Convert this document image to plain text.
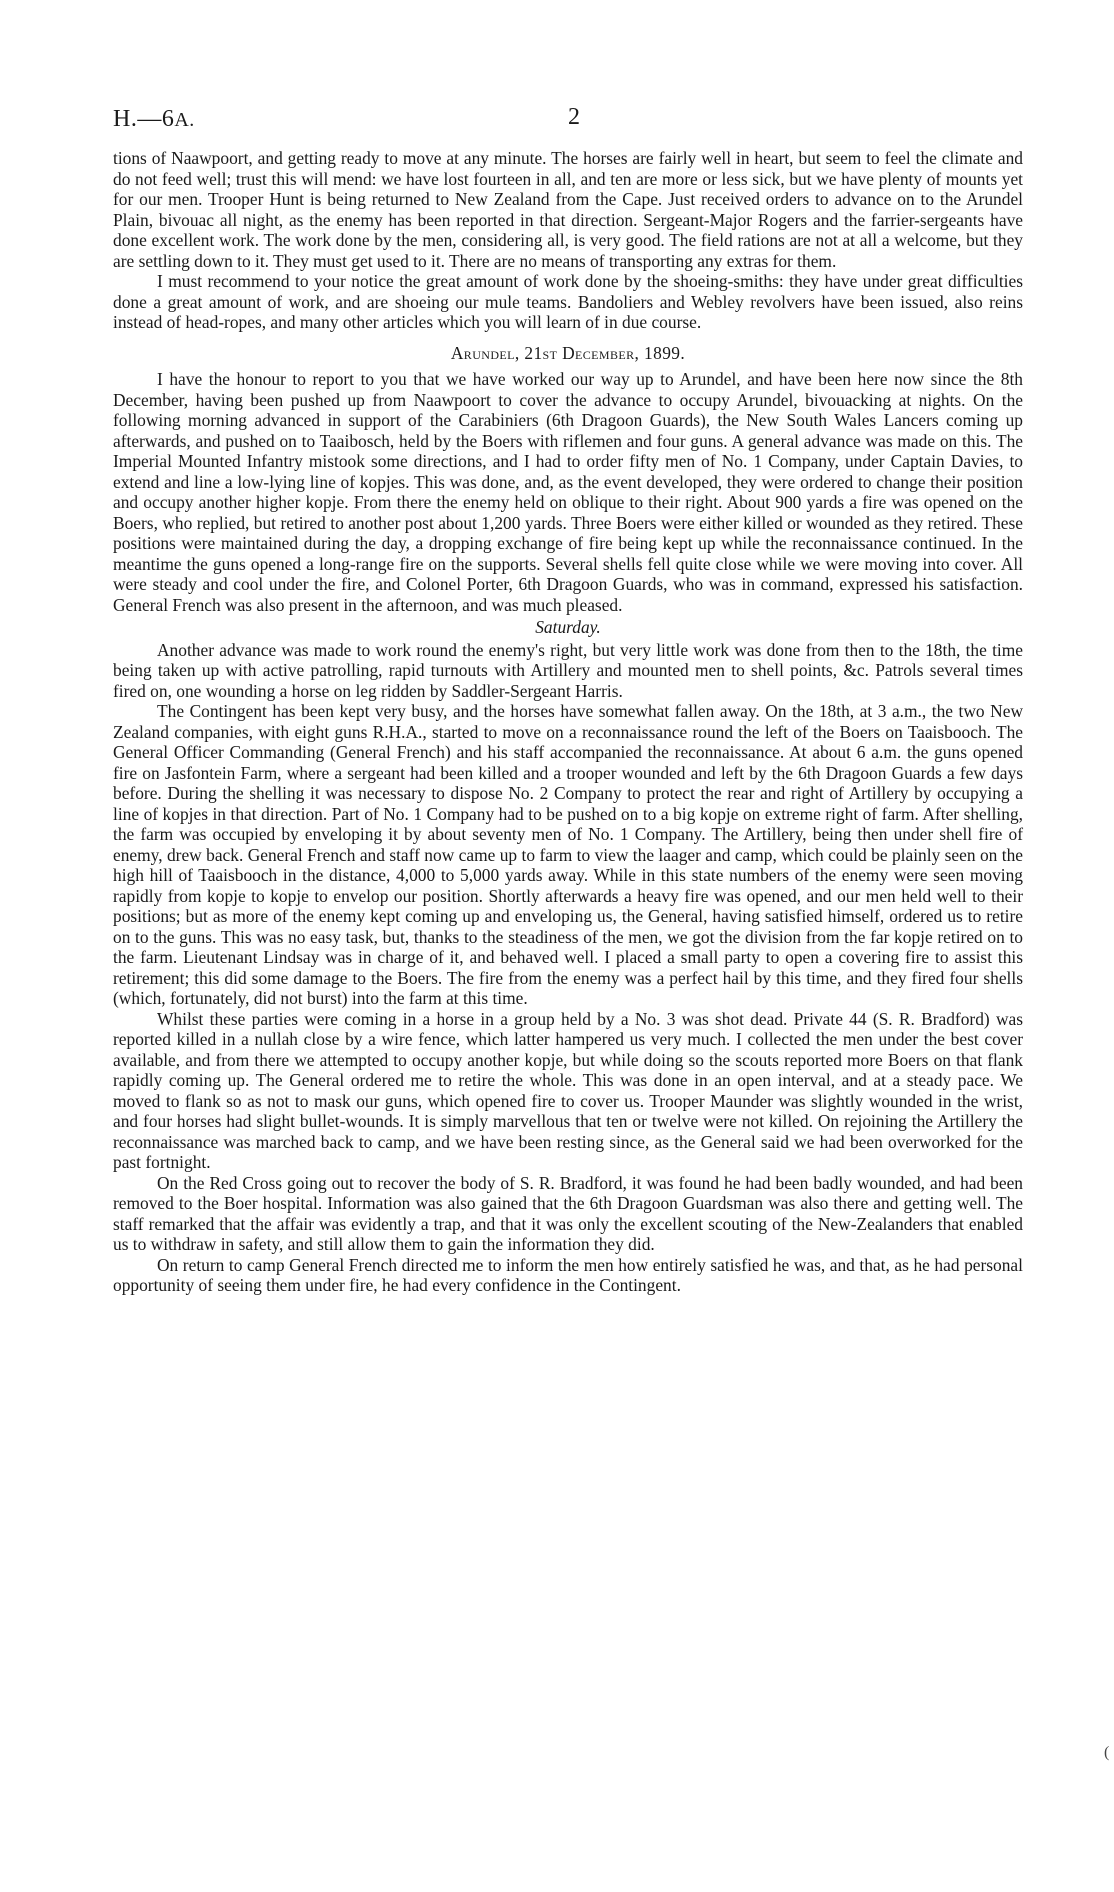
H.—6A.	2

tions of Naawpoort, and getting ready to move at any minute. The horses are fairly well in heart, but seem to feel the climate and do not feed well; trust this will mend: we have lost fourteen in all, and ten are more or less sick, but we have plenty of mounts yet for our men. Trooper Hunt is being returned to New Zealand from the Cape. Just received orders to advance on to the Arundel Plain, bivouac all night, as the enemy has been reported in that direction. Sergeant-Major Rogers and the farrier-sergeants have done excellent work. The work done by the men, considering all, is very good. The field rations are not at all a welcome, but they are settling down to it. They must get used to it. There are no means of transporting any extras for them.

I must recommend to your notice the great amount of work done by the shoeing-smiths: they have under great difficulties done a great amount of work, and are shoeing our mule teams. Bandoliers and Webley revolvers have been issued, also reins instead of head-ropes, and many other articles which you will learn of in due course.

Arundel, 21st December, 1899.

I have the honour to report to you that we have worked our way up to Arundel, and have been here now since the 8th December, having been pushed up from Naawpoort to cover the advance to occupy Arundel, bivouacking at nights. On the following morning advanced in support of the Carabiniers (6th Dragoon Guards), the New South Wales Lancers coming up afterwards, and pushed on to Taaibosch, held by the Boers with riflemen and four guns. A general advance was made on this. The Imperial Mounted Infantry mistook some directions, and I had to order fifty men of No. 1 Company, under Captain Davies, to extend and line a low-lying line of kopjes. This was done, and, as the event developed, they were ordered to change their position and occupy another higher kopje. From there the enemy held on oblique to their right. About 900 yards a fire was opened on the Boers, who replied, but retired to another post about 1,200 yards. Three Boers were either killed or wounded as they retired. These positions were maintained during the day, a dropping exchange of fire being kept up while the reconnaissance continued. In the meantime the guns opened a long-range fire on the supports. Several shells fell quite close while we were moving into cover. All were steady and cool under the fire, and Colonel Porter, 6th Dragoon Guards, who was in command, expressed his satisfaction. General French was also present in the afternoon, and was much pleased.

Saturday.

Another advance was made to work round the enemy's right, but very little work was done from then to the 18th, the time being taken up with active patrolling, rapid turnouts with Artillery and mounted men to shell points, &c. Patrols several times fired on, one wounding a horse on leg ridden by Saddler-Sergeant Harris.

The Contingent has been kept very busy, and the horses have somewhat fallen away. On the 18th, at 3 a.m., the two New Zealand companies, with eight guns R.H.A., started to move on a reconnaissance round the left of the Boers on Taaisbooch. The General Officer Commanding (General French) and his staff accompanied the reconnaissance. At about 6 a.m. the guns opened fire on Jasfontein Farm, where a sergeant had been killed and a trooper wounded and left by the 6th Dragoon Guards a few days before. During the shelling it was necessary to dispose No. 2 Company to protect the rear and right of Artillery by occupying a line of kopjes in that direction. Part of No. 1 Company had to be pushed on to a big kopje on extreme right of farm. After shelling, the farm was occupied by enveloping it by about seventy men of No. 1 Company. The Artillery, being then under shell fire of enemy, drew back. General French and staff now came up to farm to view the laager and camp, which could be plainly seen on the high hill of Taaisbooch in the distance, 4,000 to 5,000 yards away. While in this state numbers of the enemy were seen moving rapidly from kopje to kopje to envelop our position. Shortly afterwards a heavy fire was opened, and our men held well to their positions; but as more of the enemy kept coming up and enveloping us, the General, having satisfied himself, ordered us to retire on to the guns. This was no easy task, but, thanks to the steadiness of the men, we got the division from the far kopje retired on to the farm. Lieutenant Lindsay was in charge of it, and behaved well. I placed a small party to open a covering fire to assist this retirement; this did some damage to the Boers. The fire from the enemy was a perfect hail by this time, and they fired four shells (which, fortunately, did not burst) into the farm at this time.

Whilst these parties were coming in a horse in a group held by a No. 3 was shot dead. Private 44 (S. R. Bradford) was reported killed in a nullah close by a wire fence, which latter hampered us very much. I collected the men under the best cover available, and from there we attempted to occupy another kopje, but while doing so the scouts reported more Boers on that flank rapidly coming up. The General ordered me to retire the whole. This was done in an open interval, and at a steady pace. We moved to flank so as not to mask our guns, which opened fire to cover us. Trooper Maunder was slightly wounded in the wrist, and four horses had slight bullet-wounds. It is simply marvellous that ten or twelve were not killed. On rejoining the Artillery the reconnaissance was marched back to camp, and we have been resting since, as the General said we had been overworked for the past fortnight.

On the Red Cross going out to recover the body of S. R. Bradford, it was found he had been badly wounded, and had been removed to the Boer hospital. Information was also gained that the 6th Dragoon Guardsman was also there and getting well. The staff remarked that the affair was evidently a trap, and that it was only the excellent scouting of the New-Zealanders that enabled us to withdraw in safety, and still allow them to gain the information they did.

On return to camp General French directed me to inform the men how entirely satisfied he was, and that, as he had personal opportunity of seeing them under fire, he had every confidence in the Contingent.

(
